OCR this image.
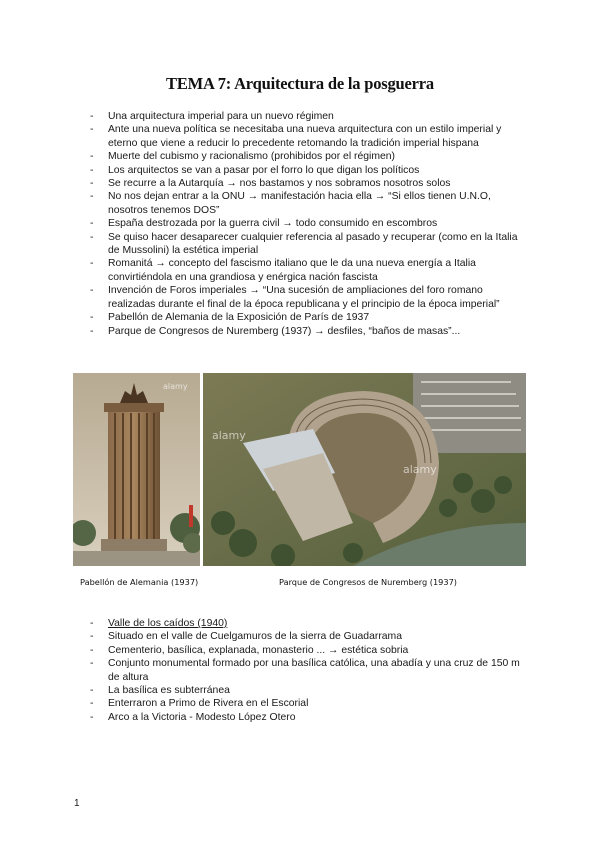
TEMA 7: Arquitectura de la posguerra
- Una arquitectura imperial para un nuevo régimen
- Ante una nueva política se necesitaba una nueva arquitectura con un estilo imperial y eterno que viene a reducir lo precedente retomando la tradición imperial hispana
- Muerte del cubismo y racionalismo (prohibidos por el régimen)
- Los arquitectos se van a pasar por el forro lo que digan los políticos
- Se recurre a la Autarquía → nos bastamos y nos sobramos nosotros solos
- No nos dejan entrar a la ONU → manifestación hacia ella → “Si ellos tienen U.N.O, nosotros tenemos DOS”
- España destrozada por la guerra civil → todo consumido en escombros
- Se quiso hacer desaparecer cualquier referencia al pasado y recuperar (como en la Italia de Mussolini) la estética imperial
- Romanitá → concepto del fascismo italiano que le da una nueva energía a Italia convirtiéndola en una grandiosa y enérgica nación fascista
- Invención de Foros imperiales → “Una sucesión de ampliaciones del foro romano realizadas durante el final de la época republicana y el principio de la época imperial”
- Pabellón de Alemania de la Exposición de París de 1937
- Parque de Congresos de Nuremberg (1937) → desfiles, “baños de masas”...
alamy
alamy
alamy
Pabellón de Alemania (1937)	Parque de Congresos de Nuremberg (1937)
- Valle de los caídos (1940)
- Situado en el valle de Cuelgamuros de la sierra de Guadarrama
- Cementerio, basílica, explanada, monasterio ... → estética sobria
- Conjunto monumental formado por una basílica católica, una abadía y una cruz de 150 m de altura
- La basílica es subterránea
- Enterraron a Primo de Rivera en el Escorial
- Arco a la Victoria - Modesto López Otero
1
